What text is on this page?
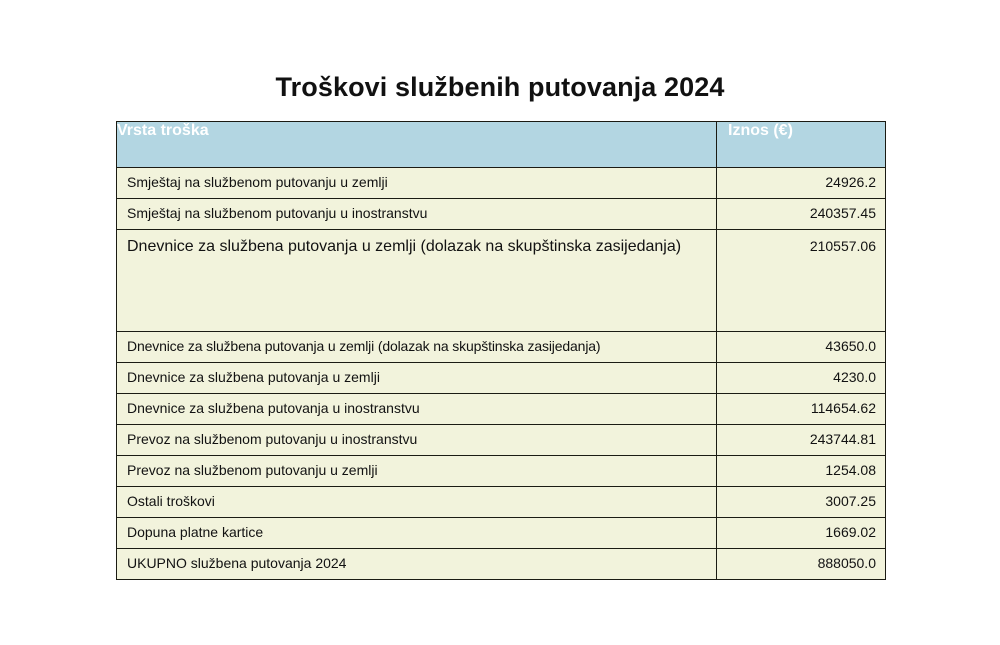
Troškovi službenih putovanja 2024
Vrsta troška	Iznos (€)
Smještaj na službenom putovanju u zemlji	24926.2
Smještaj na službenom putovanju u inostranstvu	240357.45
Dnevnice za službena putovanja u zemlji (dolazak na skupštinska zasijedanja)	210557.06
Dnevnice za službena putovanja u zemlji (dolazak na skupštinska zasijedanja)	43650.0
Dnevnice za službena putovanja u zemlji	4230.0
Dnevnice za službena putovanja u inostranstvu	114654.62
Prevoz na službenom putovanju u inostranstvu	243744.81
Prevoz na službenom putovanju u zemlji	1254.08
Ostali troškovi	3007.25
Dopuna platne kartice	1669.02
UKUPNO službena putovanja 2024	888050.0
